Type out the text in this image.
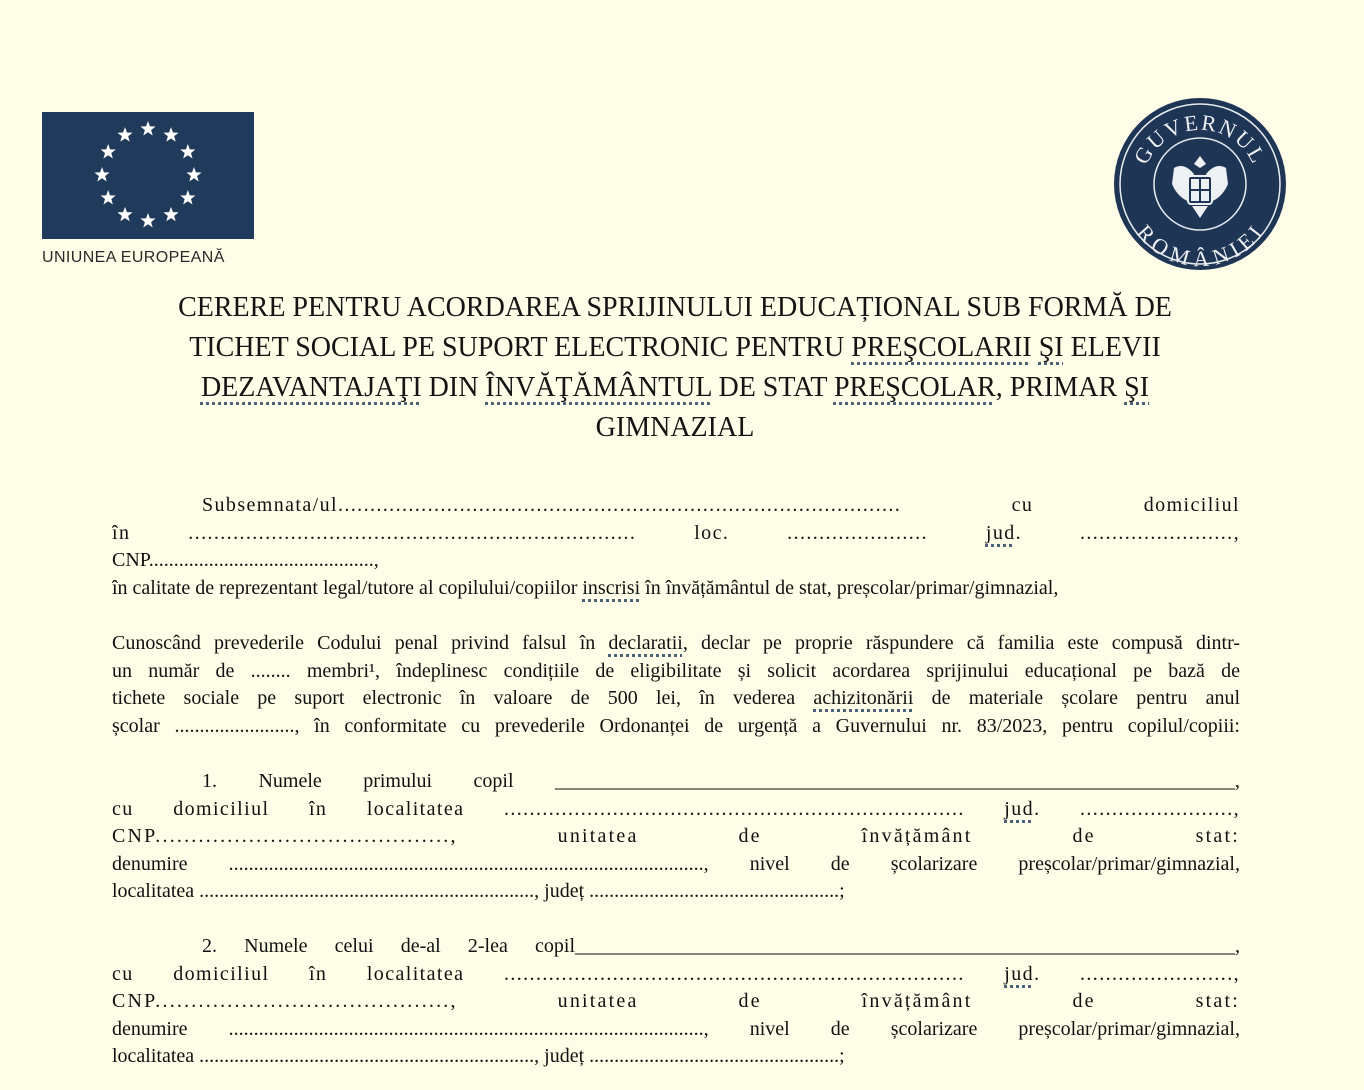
UNIUNEA EUROPEANĂ
GUVERNUL
ROMÂNIEI
CERERE PENTRU ACORDAREA SPRIJINULUI EDUCAȚIONAL SUB FORMĂ DE
TICHET SOCIAL PE SUPORT ELECTRONIC PENTRU PREŞCOLARII ŞI ELEVII
DEZAVANTAJAŢI DIN ÎNVĂŢĂMÂNTUL DE STAT PREŞCOLAR, PRIMAR ŞI
GIMNAZIAL
Subsemnata/ul........................................................................................ cu domiciliul
în ...................................................................... loc. ...................... jud. ........................,
CNP.............................................,
în calitate de reprezentant legal/tutore al copilului/copiilor inscrisi în învățământul de stat, preșcolar/primar/gimnazial,
Cunoscând prevederile Codului penal privind falsul în declaratii, declar pe proprie răspundere că familia este compusă dintr-
un număr de ........ membri¹, îndeplinesc condițiile de eligibilitate și solicit acordarea sprijinului educațional pe bază de
tichete sociale pe suport electronic în valoare de 500 lei, în vederea achizitonării de materiale școlare pentru anul
școlar ........................, în conformitate cu prevederile Ordonanței de urgență a Guvernului nr. 83/2023, pentru copilul/copiii:
1. Numele primului copil ____________________________________________________________________,
cu domiciliul în localitatea ........................................................................ jud. ........................,
CNP........................................., unitatea de învățământ de stat:
denumire ..............................................................................................., nivel de școlarizare preșcolar/primar/gimnazial,
localitatea ..................................................................., județ ..................................................;
2. Numele celui de-al 2-lea copil__________________________________________________________________,
cu domiciliul în localitatea ........................................................................ jud. ........................,
CNP........................................., unitatea de învățământ de stat:
denumire ..............................................................................................., nivel de școlarizare preșcolar/primar/gimnazial,
localitatea ..................................................................., județ ..................................................;
